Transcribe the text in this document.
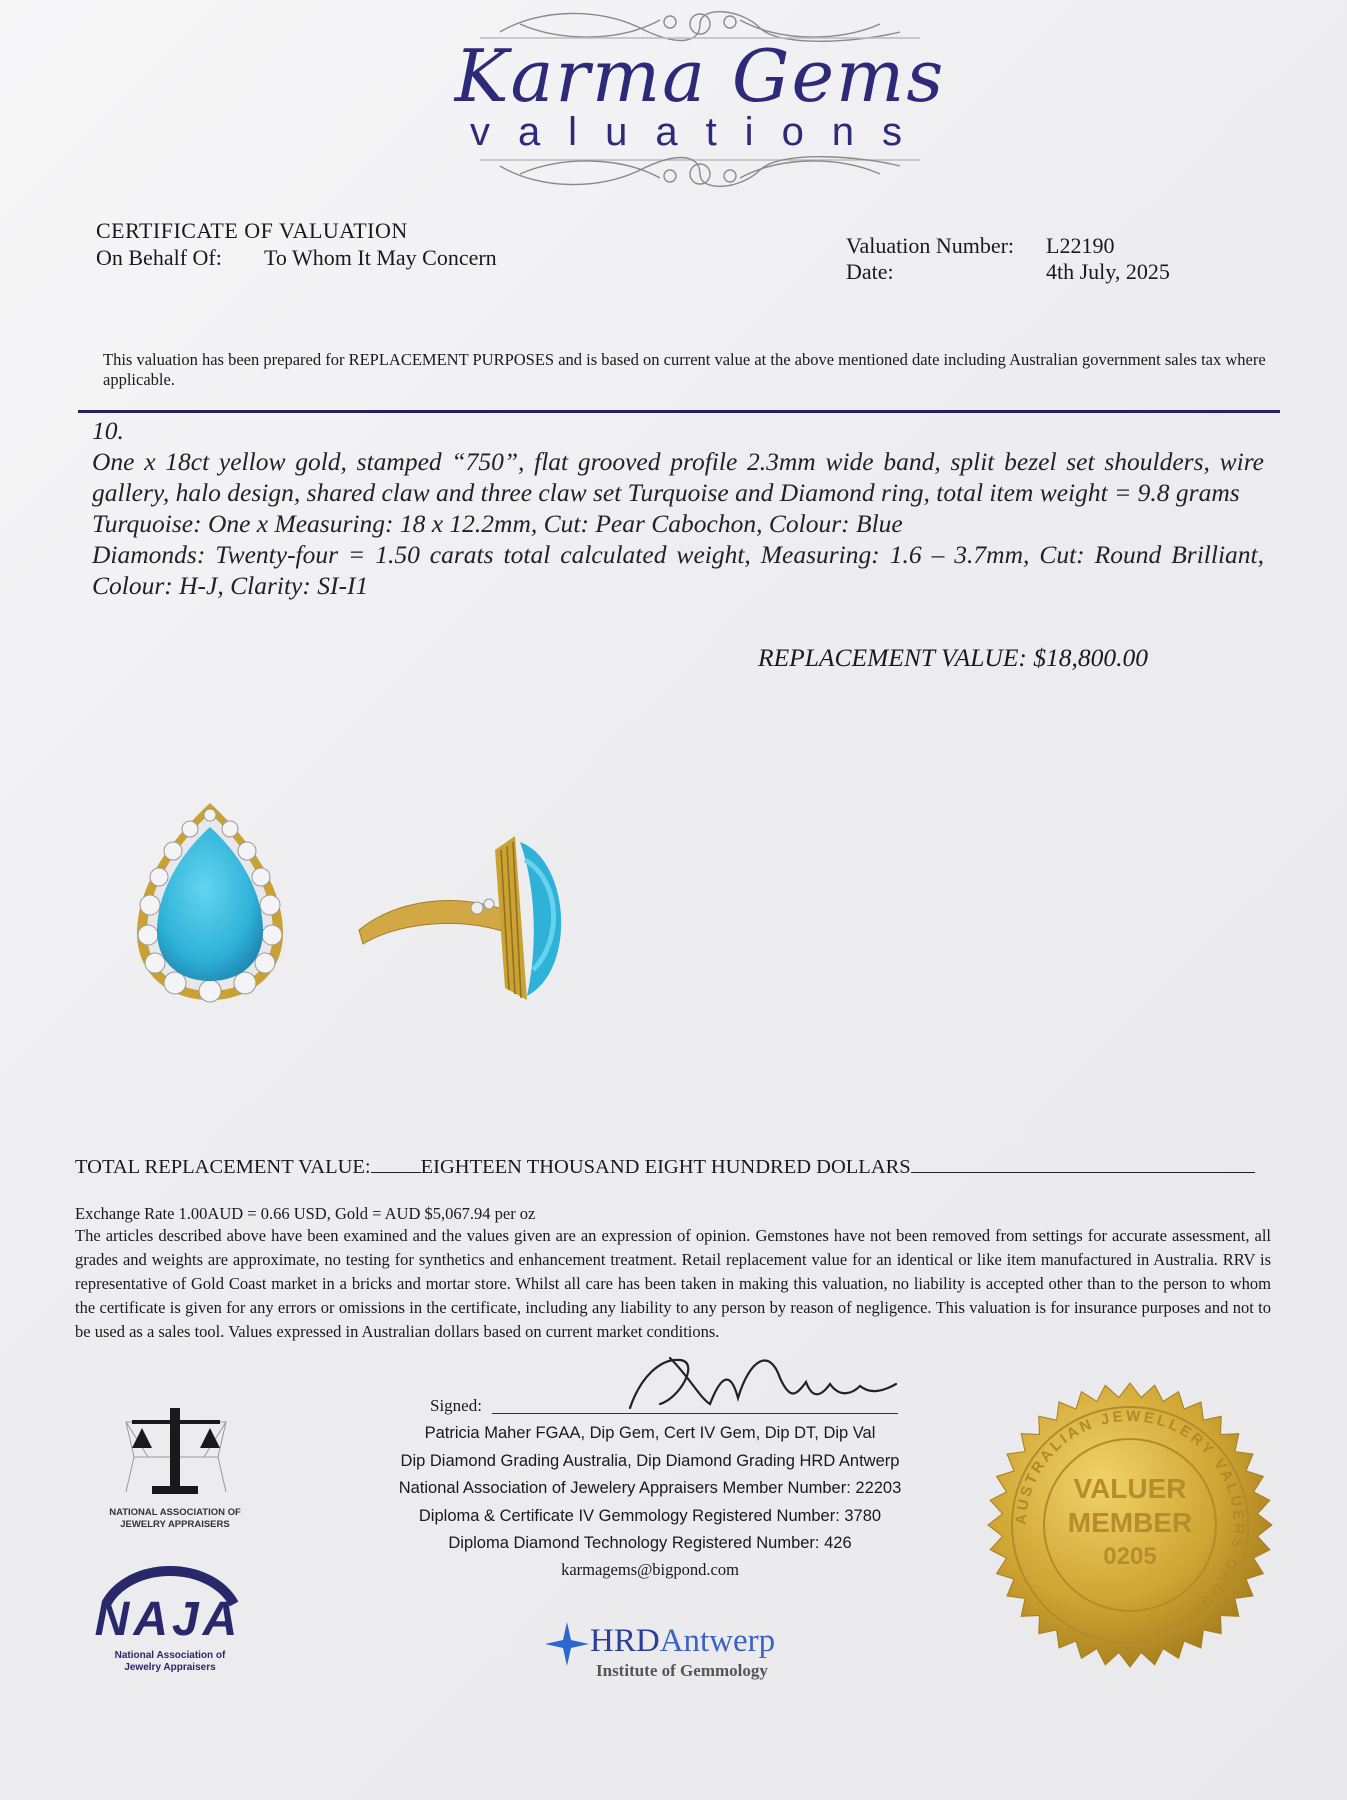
Karma Gems
valuations
CERTIFICATE OF VALUATION
On Behalf Of: To Whom It May Concern	Valuation Number: L22190
Date:	4th July, 2025
This valuation has been prepared for REPLACEMENT PURPOSES and is based on current value at the above mentioned date including Australian government sales tax where applicable.

10.

One x 18ct yellow gold, stamped “750”, flat grooved profile 2.3mm wide band, split bezel set shoulders, wire gallery, halo design, shared claw and three claw set Turquoise and Diamond ring, total item weight = 9.8 grams

Turquoise: One x Measuring: 18 x 12.2mm, Cut: Pear Cabochon, Colour: Blue

Diamonds: Twenty-four = 1.50 carats total calculated weight, Measuring: 1.6 – 3.7mm, Cut: Round Brilliant, Colour: H-J, Clarity: SI-I1

REPLACEMENT VALUE: $18,800.00
TOTAL REPLACEMENT VALUE: EIGHTEEN THOUSAND EIGHT HUNDRED DOLLARS
Exchange Rate 1.00AUD = 0.66 USD, Gold = AUD $5,067.94 per oz
The articles described above have been examined and the values given are an expression of opinion. Gemstones have not been removed from settings for accurate assessment, all grades and weights are approximate, no testing for synthetics and enhancement treatment. Retail replacement value for an identical or like item manufactured in Australia. RRV is representative of Gold Coast market in a bricks and mortar store. Whilst all care has been taken in making this valuation, no liability is accepted other than to the person to whom the certificate is given for any errors or omissions in the certificate, including any liability to any person by reason of negligence. This valuation is for insurance purposes and not to be used as a sales tool. Values expressed in Australian dollars based on current market conditions.
Signed:
Patricia Maher FGAA, Dip Gem, Cert IV Gem, Dip DT, Dip Val
Dip Diamond Grading Australia, Dip Diamond Grading HRD Antwerp
National Association of Jewelery Appraisers Member Number: 22203
Diploma & Certificate IV Gemmology Registered Number: 3780
Diploma Diamond Technology Registered Number: 426
karmagems@bigpond.com
NATIONAL ASSOCIATION OF JEWELRY APPRAISERS
NAJA
National Association of Jewelry Appraisers
HRDAntwerp
Institute of Gemmology
AUSTRALIAN JEWELLERY VALUERS GROUP
VALUER
MEMBER
0205
